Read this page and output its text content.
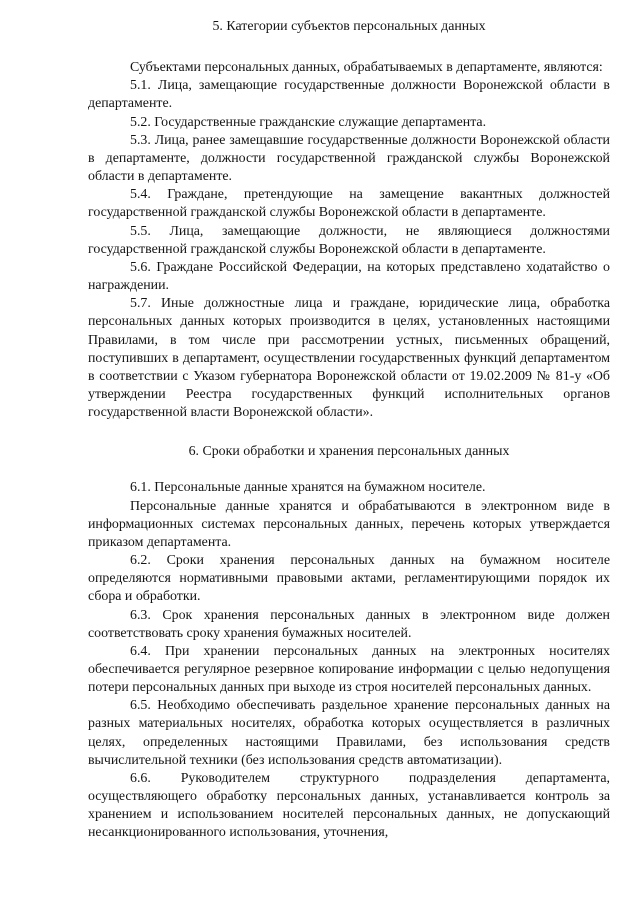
5. Категории субъектов персональных данных

Субъектами персональных данных, обрабатываемых в департаменте, являются:

5.1. Лица, замещающие государственные должности Воронежской области в департаменте.

5.2. Государственные гражданские служащие департамента.

5.3. Лица, ранее замещавшие государственные должности Воронежской области в департаменте, должности государственной гражданской службы Воронежской области в департаменте.

5.4. Граждане, претендующие на замещение вакантных должностей государственной гражданской службы Воронежской области в департаменте.

5.5. Лица, замещающие должности, не являющиеся должностями государственной гражданской службы Воронежской области в департаменте.

5.6. Граждане Российской Федерации, на которых представлено ходатайство о награждении.

5.7. Иные должностные лица и граждане, юридические лица, обработка персональных данных которых производится в целях, установленных настоящими Правилами, в том числе при рассмотрении устных, письменных обращений, поступивших в департамент, осуществлении государственных функций департаментом в соответствии с Указом губернатора Воронежской области от 19.02.2009 № 81-у «Об утверждении Реестра государственных функций исполнительных органов государственной власти Воронежской области».

6. Сроки обработки и хранения персональных данных

6.1. Персональные данные хранятся на бумажном носителе.

Персональные данные хранятся и обрабатываются в электронном виде в информационных системах персональных данных, перечень которых утверждается приказом департамента.

6.2. Сроки хранения персональных данных на бумажном носителе определяются нормативными правовыми актами, регламентирующими порядок их сбора и обработки.

6.3. Срок хранения персональных данных в электронном виде должен соответствовать сроку хранения бумажных носителей.

6.4. При хранении персональных данных на электронных носителях обеспечивается регулярное резервное копирование информации с целью недопущения потери персональных данных при выходе из строя носителей персональных данных.

6.5. Необходимо обеспечивать раздельное хранение персональных данных на разных материальных носителях, обработка которых осуществляется в различных целях, определенных настоящими Правилами, без использования средств вычислительной техники (без использования средств автоматизации).

6.6. Руководителем структурного подразделения департамента, осуществляющего обработку персональных данных, устанавливается контроль за хранением и использованием носителей персональных данных, не допускающий несанкционированного использования, уточнения,
